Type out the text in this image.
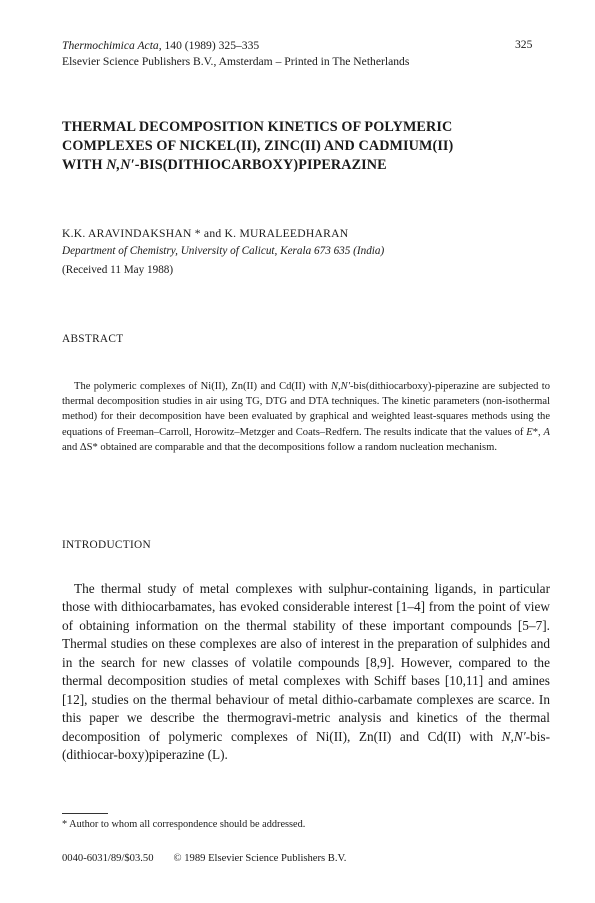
Thermochimica Acta, 140 (1989) 325–335
Elsevier Science Publishers B.V., Amsterdam – Printed in The Netherlands
325
THERMAL DECOMPOSITION KINETICS OF POLYMERIC
COMPLEXES OF NICKEL(II), ZINC(II) AND CADMIUM(II)
WITH N,N′-BIS(DITHIOCARBOXY)PIPERAZINE
K.K. ARAVINDAKSHAN * and K. MURALEEDHARAN
Department of Chemistry, University of Calicut, Kerala 673 635 (India)
(Received 11 May 1988)
ABSTRACT
The polymeric complexes of Ni(II), Zn(II) and Cd(II) with N,N′-bis(dithiocarboxy)-piperazine are subjected to thermal decomposition studies in air using TG, DTG and DTA techniques. The kinetic parameters (non-isothermal method) for their decomposition have been evaluated by graphical and weighted least-squares methods using the equations of Freeman–Carroll, Horowitz–Metzger and Coats–Redfern. The results indicate that the values of E*, A and ΔS* obtained are comparable and that the decompositions follow a random nucleation mechanism.
INTRODUCTION
The thermal study of metal complexes with sulphur-containing ligands, in particular those with dithiocarbamates, has evoked considerable interest [1–4] from the point of view of obtaining information on the thermal stability of these important compounds [5–7]. Thermal studies on these complexes are also of interest in the preparation of sulphides and in the search for new classes of volatile compounds [8,9]. However, compared to the thermal decomposition studies of metal complexes with Schiff bases [10,11] and amines [12], studies on the thermal behaviour of metal dithio-carbamate complexes are scarce. In this paper we describe the thermogravi-metric analysis and kinetics of the thermal decomposition of polymeric complexes of Ni(II), Zn(II) and Cd(II) with N,N′-bis-(dithiocar-boxy)piperazine (L).
* Author to whom all correspondence should be addressed.
0040-6031/89/$03.50 © 1989 Elsevier Science Publishers B.V.
